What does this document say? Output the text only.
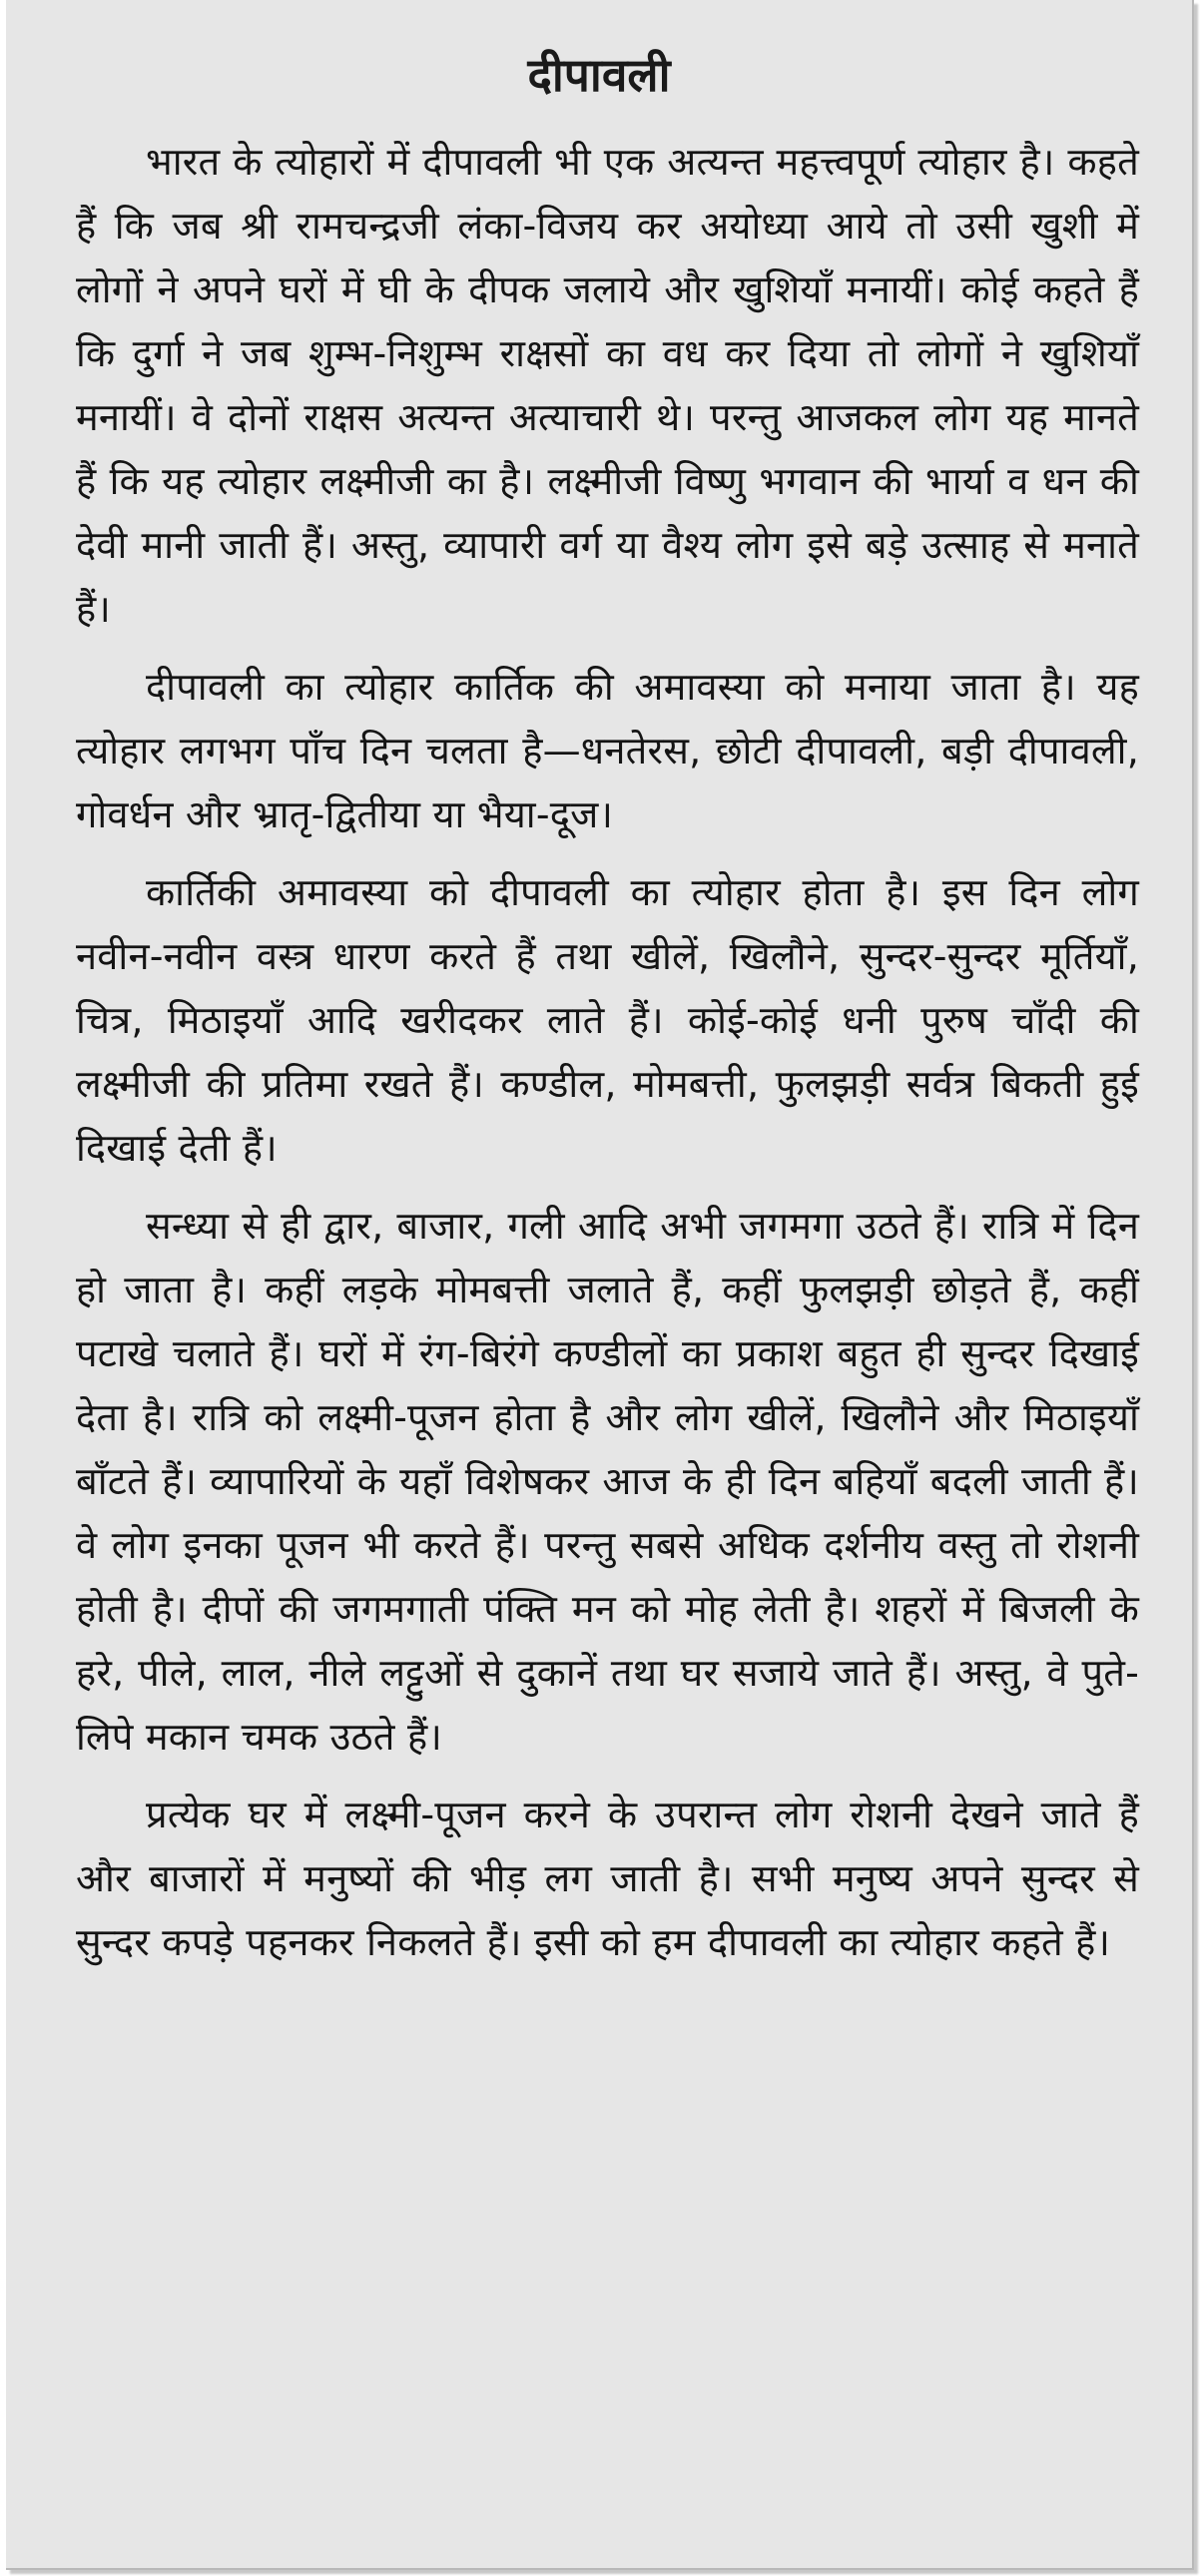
दीपावली

भारत के त्योहारों में दीपावली भी एक अत्यन्त महत्त्वपूर्ण त्योहार है। कहते हैं कि जब श्री रामचन्द्रजी लंका-विजय कर अयोध्या आये तो उसी खुशी में लोगों ने अपने घरों में घी के दीपक जलाये और खुशियाँ मनायीं। कोई कहते हैं कि दुर्गा ने जब शुम्भ-निशुम्भ राक्षसों का वध कर दिया तो लोगों ने खुशियाँ मनायीं। वे दोनों राक्षस अत्यन्त अत्याचारी थे। परन्तु आजकल लोग यह मानते हैं कि यह त्योहार लक्ष्मीजी का है। लक्ष्मीजी विष्णु भगवान की भार्या व धन की देवी मानी जाती हैं। अस्तु, व्यापारी वर्ग या वैश्य लोग इसे बड़े उत्साह से मनाते हैं।

दीपावली का त्योहार कार्तिक की अमावस्या को मनाया जाता है। यह त्योहार लगभग पाँच दिन चलता है—धनतेरस, छोटी दीपावली, बड़ी दीपावली, गोवर्धन और भ्रातृ-द्वितीया या भैया-दूज।

कार्तिकी अमावस्या को दीपावली का त्योहार होता है। इस दिन लोग नवीन-नवीन वस्त्र धारण करते हैं तथा खीलें, खिलौने, सुन्दर-सुन्दर मूर्तियाँ, चित्र, मिठाइयाँ आदि खरीदकर लाते हैं। कोई-कोई धनी पुरुष चाँदी की लक्ष्मीजी की प्रतिमा रखते हैं। कण्डील, मोमबत्ती, फुलझड़ी सर्वत्र बिकती हुई दिखाई देती हैं।

सन्ध्या से ही द्वार, बाजार, गली आदि अभी जगमगा उठते हैं। रात्रि में दिन हो जाता है। कहीं लड़के मोमबत्ती जलाते हैं, कहीं फुलझड़ी छोड़ते हैं, कहीं पटाखे चलाते हैं। घरों में रंग-बिरंगे कण्डीलों का प्रकाश बहुत ही सुन्दर दिखाई देता है। रात्रि को लक्ष्मी-पूजन होता है और लोग खीलें, खिलौने और मिठाइयाँ बाँटते हैं। व्यापारियों के यहाँ विशेषकर आज के ही दिन बहियाँ बदली जाती हैं। वे लोग इनका पूजन भी करते हैं। परन्तु सबसे अधिक दर्शनीय वस्तु तो रोशनी होती है। दीपों की जगमगाती पंक्ति मन को मोह लेती है। शहरों में बिजली के हरे, पीले, लाल, नीले लट्टुओं से दुकानें तथा घर सजाये जाते हैं। अस्तु, वे पुते-लिपे मकान चमक उठते हैं।

प्रत्येक घर में लक्ष्मी-पूजन करने के उपरान्त लोग रोशनी देखने जाते हैं और बाजारों में मनुष्यों की भीड़ लग जाती है। सभी मनुष्य अपने सुन्दर से सुन्दर कपड़े पहनकर निकलते हैं। इसी को हम दीपावली का त्योहार कहते हैं।
